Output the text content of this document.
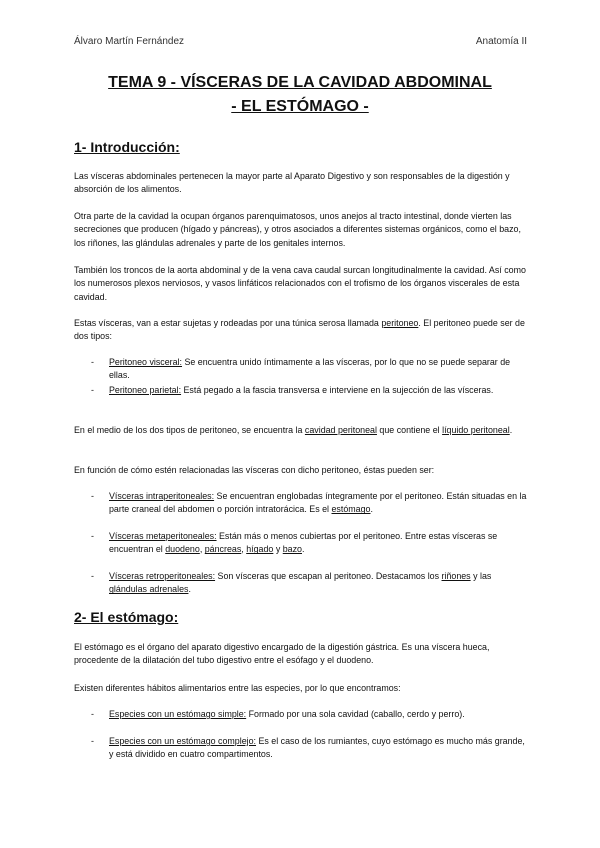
Álvaro Martín Fernández	Anatomía II
TEMA 9 - VÍSCERAS DE LA CAVIDAD ABDOMINAL
- EL ESTÓMAGO -
1- Introducción:
2- El estómago:
Las vísceras abdominales pertenecen la mayor parte al Aparato Digestivo y son responsables de la digestión y absorción de los alimentos.
Otra parte de la cavidad la ocupan órganos parenquimatosos, unos anejos al tracto intestinal, donde vierten las secreciones que producen (hígado y páncreas), y otros asociados a diferentes sistemas orgánicos, como el bazo, los riñones, las glándulas adrenales y parte de los genitales internos.
También los troncos de la aorta abdominal y de la vena cava caudal surcan longitudinalmente la cavidad. Así como los numerosos plexos nerviosos, y vasos linfáticos relacionados con el trofismo de los órganos viscerales de esta cavidad.
Estas vísceras, van a estar sujetas y rodeadas por una túnica serosa llamada peritoneo. El peritoneo puede ser de dos tipos:
- Peritoneo visceral: Se encuentra unido íntimamente a las vísceras, por lo que no se puede separar de ellas.
- Peritoneo parietal: Está pegado a la fascia transversa e interviene en la sujección de las vísceras.
En el medio de los dos tipos de peritoneo, se encuentra la cavidad peritoneal que contiene el líquido peritoneal.
En función de cómo estén relacionadas las vísceras con dicho peritoneo, éstas pueden ser:
- Vísceras intraperitoneales: Se encuentran englobadas íntegramente por el peritoneo. Están situadas en la parte craneal del abdomen o porción intratorácica. Es el estómago.
- Vísceras metaperitoneales: Están más o menos cubiertas por el peritoneo. Entre estas vísceras se encuentran el duodeno, páncreas, hígado y bazo.
- Vísceras retroperitoneales: Son vísceras que escapan al peritoneo. Destacamos los riñones y las glándulas adrenales.
El estómago es el órgano del aparato digestivo encargado de la digestión gástrica. Es una víscera hueca, procedente de la dilatación del tubo digestivo entre el esófago y el duodeno.
Existen diferentes hábitos alimentarios entre las especies, por lo que encontramos:
- Especies con un estómago simple: Formado por una sola cavidad (caballo, cerdo y perro).
- Especies con un estómago complejo: Es el caso de los rumiantes, cuyo estómago es mucho más grande, y está dividido en cuatro compartimentos.
